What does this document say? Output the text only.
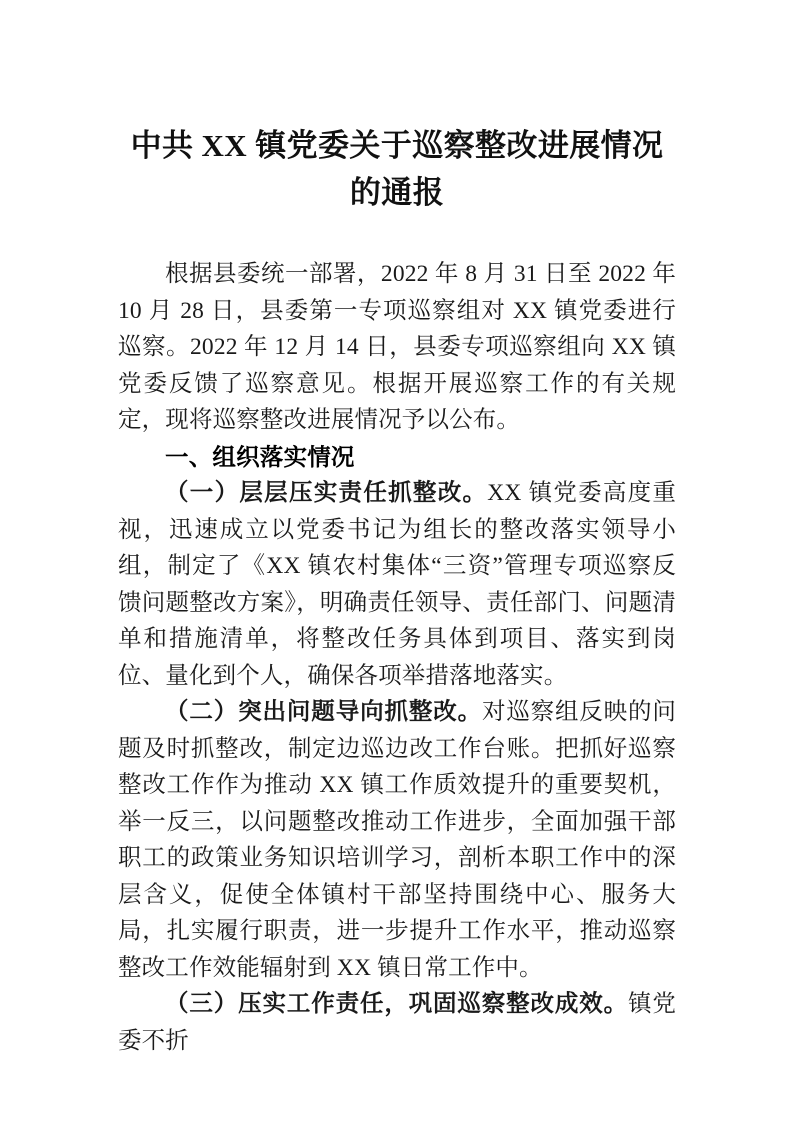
中共 XX 镇党委关于巡察整改进展情况的通报

根据县委统一部署，2022 年 8 月 31 日至 2022 年 10 月 28 日，县委第一专项巡察组对 XX 镇党委进行巡察。2022 年 12 月 14 日，县委专项巡察组向 XX 镇党委反馈了巡察意见。根据开展巡察工作的有关规定，现将巡察整改进展情况予以公布。

一、组织落实情况

（一）层层压实责任抓整改。XX 镇党委高度重视，迅速成立以党委书记为组长的整改落实领导小组，制定了《XX 镇农村集体“三资”管理专项巡察反馈问题整改方案》，明确责任领导、责任部门、问题清单和措施清单，将整改任务具体到项目、落实到岗位、量化到个人，确保各项举措落地落实。

（二）突出问题导向抓整改。对巡察组反映的问题及时抓整改，制定边巡边改工作台账。把抓好巡察整改工作作为推动 XX 镇工作质效提升的重要契机，举一反三，以问题整改推动工作进步，全面加强干部职工的政策业务知识培训学习，剖析本职工作中的深层含义，促使全体镇村干部坚持围绕中心、服务大局，扎实履行职责，进一步提升工作水平，推动巡察整改工作效能辐射到 XX 镇日常工作中。

（三）压实工作责任，巩固巡察整改成效。镇党委不折
